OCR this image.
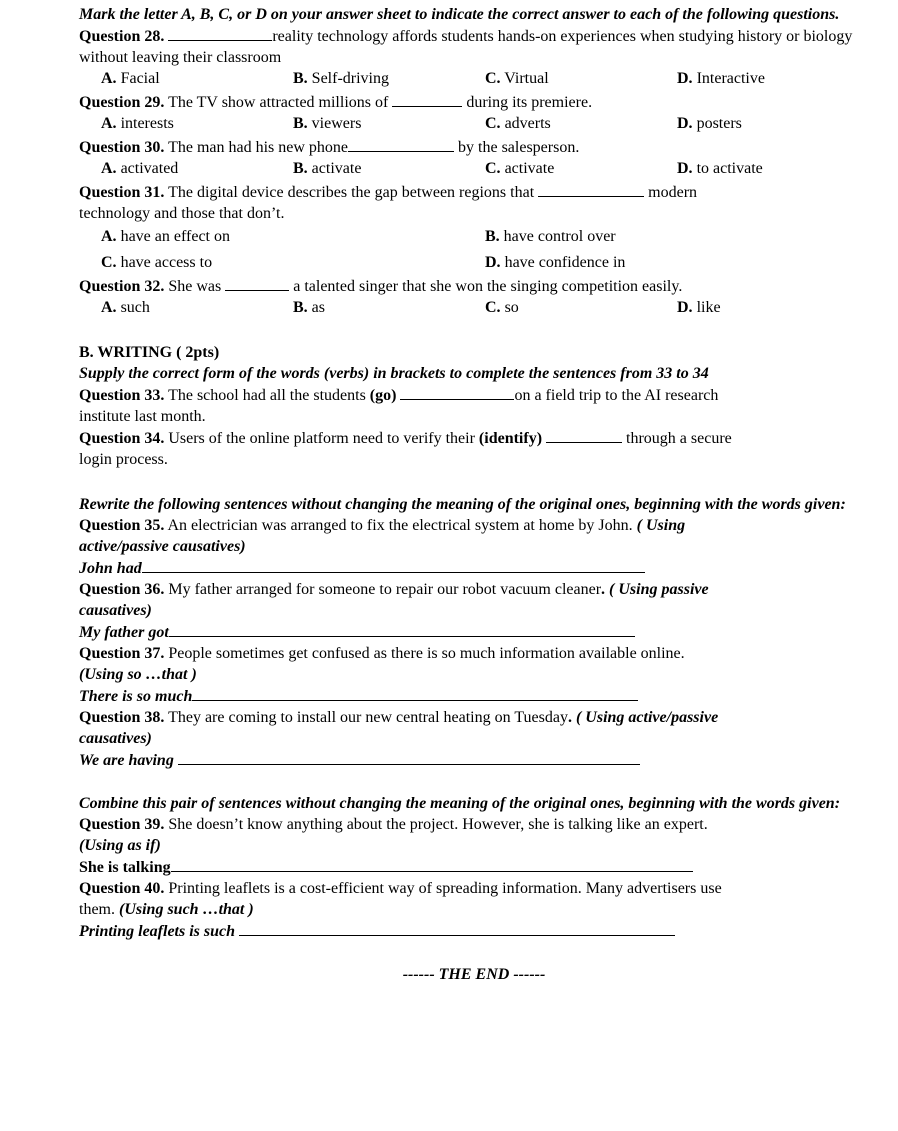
Mark the letter A, B, C, or D on your answer sheet to indicate the correct answer to each of the following questions.
Question 28.	reality technology affords students hands-on experiences when studying history or biology without leaving their classroom
A. Facial	B. Self-driving	C. Virtual	D. Interactive
Question 29. The TV show attracted millions of	during its premiere.
A. interests	B. viewers	C. adverts	D. posters
Question 30. The man had his new phone	by the salesperson.
A. activated	B. activate	C. activate	D. to activate
Question 31. The digital device describes the gap between regions that	modern
technology and those that don’t.
A. have an effect on	B. have control over
C. have access to	D. have confidence in
Question 32. She was	a talented singer that she won the singing competition easily.
A. such	B. as	C. so	D. like
B. WRITING ( 2pts)
Supply the correct form of the words (verbs) in brackets to complete the sentences from 33 to 34
Question 33. The school had all the students (go)	on a field trip to the AI research
institute last month.
Question 34. Users of the online platform need to verify their (identify)	through a secure
login process.
Rewrite the following sentences without changing the meaning of the original ones, beginning with the words given:
Question 35. An electrician was arranged to fix the electrical system at home by John. ( Using
active/passive causatives)
John had
Question 36. My father arranged for someone to repair our robot vacuum cleaner. ( Using passive
causatives)
My father got
Question 37. People sometimes get confused as there is so much information available online.
(Using so …that )
There is so much
Question 38. They are coming to install our new central heating on Tuesday. ( Using active/passive
causatives)
We are having
Combine this pair of sentences without changing the meaning of the original ones, beginning with the words given:
Question 39. She doesn’t know anything about the project. However, she is talking like an expert.
(Using as if)
She is talking
Question 40. Printing leaflets is a cost-efficient way of spreading information. Many advertisers use
them. (Using such …that )
Printing leaflets is such
------ THE END ------
